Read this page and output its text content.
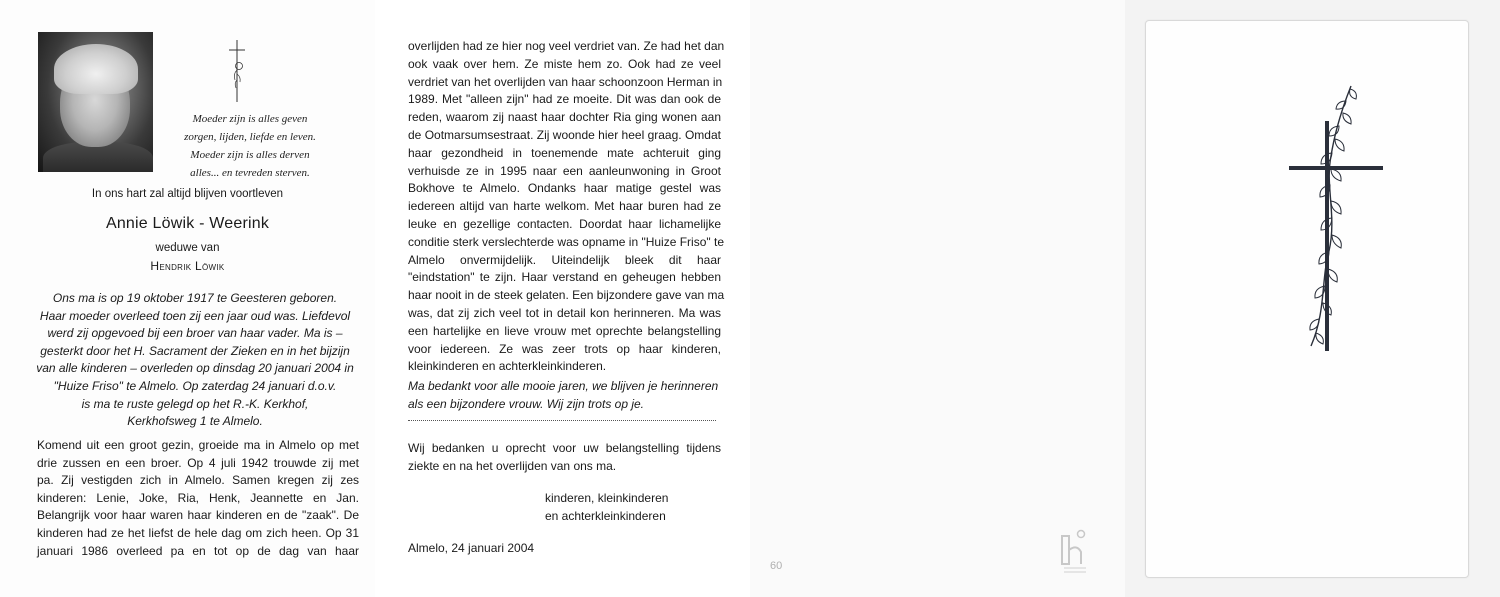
Moeder zijn is alles geven
zorgen, lijden, liefde en leven.
Moeder zijn is alles derven
alles... en tevreden sterven.
In ons hart zal altijd blijven voortleven
Annie Löwik - Weerink
weduwe van
Hendrik Löwik
Ons ma is op 19 oktober 1917 te Geesteren geboren.
Haar moeder overleed toen zij een jaar oud was. Liefdevol
werd zij opgevoed bij een broer van haar vader. Ma is –
gesterkt door het H. Sacrament der Zieken en in het bijzijn
van alle kinderen – overleden op dinsdag 20 januari 2004 in
"Huize Friso" te Almelo. Op zaterdag 24 januari d.o.v.
is ma te ruste gelegd op het R.-K. Kerkhof,
Kerkhofsweg 1 te Almelo.
Komend uit een groot gezin, groeide ma in Almelo op met
drie zussen en een broer. Op 4 juli 1942 trouwde zij met
pa. Zij vestigden zich in Almelo. Samen kregen zij zes
kinderen: Lenie, Joke, Ria, Henk, Jeannette en Jan.
Belangrijk voor haar waren haar kinderen en de "zaak". De
kinderen had ze het liefst de hele dag om zich heen. Op 31
januari 1986 overleed pa en tot op de dag van haar
overlijden had ze hier nog veel verdriet van. Ze had het dan
ook vaak over hem. Ze miste hem zo. Ook had ze veel
verdriet van het overlijden van haar schoonzoon Herman in
1989. Met "alleen zijn" had ze moeite. Dit was dan ook de
reden, waarom zij naast haar dochter Ria ging wonen aan
de Ootmarsumsestraat. Zij woonde hier heel graag. Omdat
haar gezondheid in toenemende mate achteruit ging
verhuisde ze in 1995 naar een aanleunwoning in Groot
Bokhove te Almelo. Ondanks haar matige gestel was
iedereen altijd van harte welkom. Met haar buren had ze
leuke en gezellige contacten. Doordat haar lichamelijke
conditie sterk verslechterde was opname in "Huize Friso" te
Almelo onvermijdelijk. Uiteindelijk bleek dit haar
"eindstation" te zijn. Haar verstand en geheugen hebben
haar nooit in de steek gelaten. Een bijzondere gave van ma
was, dat zij zich veel tot in detail kon herinneren. Ma was
een hartelijke en lieve vrouw met oprechte belangstelling
voor iedereen. Ze was zeer trots op haar kinderen,
kleinkinderen en achterkleinkinderen.
Ma bedankt voor alle mooie jaren, we blijven je herinneren
als een bijzondere vrouw. Wij zijn trots op je.
Wij bedanken u oprecht voor uw belangstelling tijdens
ziekte en na het overlijden van ons ma.
kinderen, kleinkinderen
en achterkleinkinderen
Almelo, 24 januari 2004
60
